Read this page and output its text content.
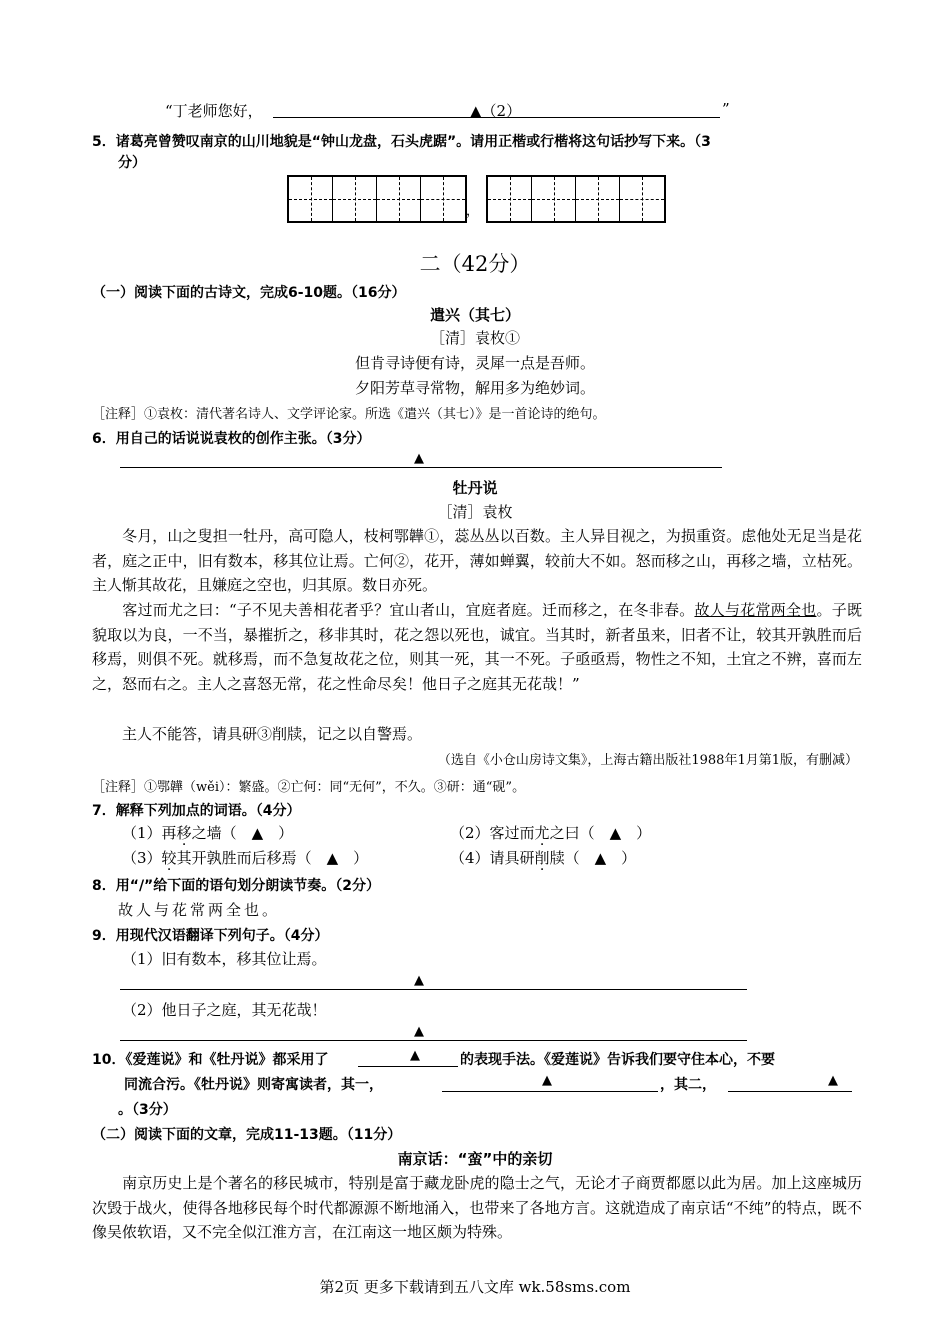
“丁老师您好，	▲（2）	”
5．诸葛亮曾赞叹南京的山川地貌是“钟山龙盘，石头虎踞”。请用正楷或行楷将这句话抄写下来。（3
分）
，
二（42分）
（一）阅读下面的古诗文，完成6-10题。（16分）
遣兴（其七）
［清］袁枚①
但肯寻诗便有诗，灵犀一点是吾师。
夕阳芳草寻常物，解用多为绝妙词。
［注释］①袁枚：清代著名诗人、文学评论家。所选《遣兴（其七）》是一首论诗的绝句。
6．用自己的话说说袁枚的创作主张。（3分）
▲
牡丹说
［清］袁枚
冬月，山之叟担一牡丹，高可隐人，枝柯鄂韡①，蕊丛丛以百数。主人异目视之，为损重资。虑他处无足当是花者，庭之正中，旧有数本，移其位让焉。亡何②，花开，薄如蝉翼，较前大不如。怒而移之山，再移之墙，立枯死。主人惭其故花，且嫌庭之空也，归其原。数日亦死。
客过而尤之曰：“子不见夫善相花者乎？宜山者山，宜庭者庭。迁而移之，在冬非春。故人与花常两全也。子既貌取以为良，一不当，暴摧折之，移非其时，花之怨以死也，诚宜。当其时，新者虽来，旧者不让，较其开孰胜而后移焉，则俱不死。就移焉，而不急复故花之位，则其一死，其一不死。子亟亟焉，物性之不知，土宜之不辨，喜而左之，怒而右之。主人之喜怒无常，花之性命尽矣！他日子之庭其无花哉！”
主人不能答，请具研③削牍，记之以自警焉。
（选自《小仓山房诗文集》，上海古籍出版社1988年1月第1版，有删减）
［注释］①鄂韡（wěi）：繁盛。②亡何：同“无何”，不久。③研：通“砚”。
7．解释下列加点的词语。（4分）
（1）再移之墙（　▲　）	（2）客过而尤之曰（　▲　）
（3）较其开孰胜而后移焉（　▲　）	（4）请具研削牍（　▲　）
8．用“/”给下面的语句划分朗读节奏。（2分）
故人与花常两全也。
9．用现代汉语翻译下列句子。（4分）
（1）旧有数本，移其位让焉。
▲
（2）他日子之庭，其无花哉！
▲
10．《爱莲说》和《牡丹说》都采用了	▲	的表现手法。《爱莲说》告诉我们要守住本心，不要
同流合污。《牡丹说》则寄寓读者，其一，	▲	，其二，	▲
。（3分）
（二）阅读下面的文章，完成11-13题。（11分）
南京话：“蛮”中的亲切
南京历史上是个著名的移民城市，特别是富于藏龙卧虎的隐士之气，无论才子商贾都愿以此为居。加上这座城历次毁于战火，使得各地移民每个时代都源源不断地涌入，也带来了各地方言。这就造成了南京话“不纯”的特点，既不像吴侬软语，又不完全似江淮方言，在江南这一地区颇为特殊。
第2页 更多下载请到五八文库 wk.58sms.com
